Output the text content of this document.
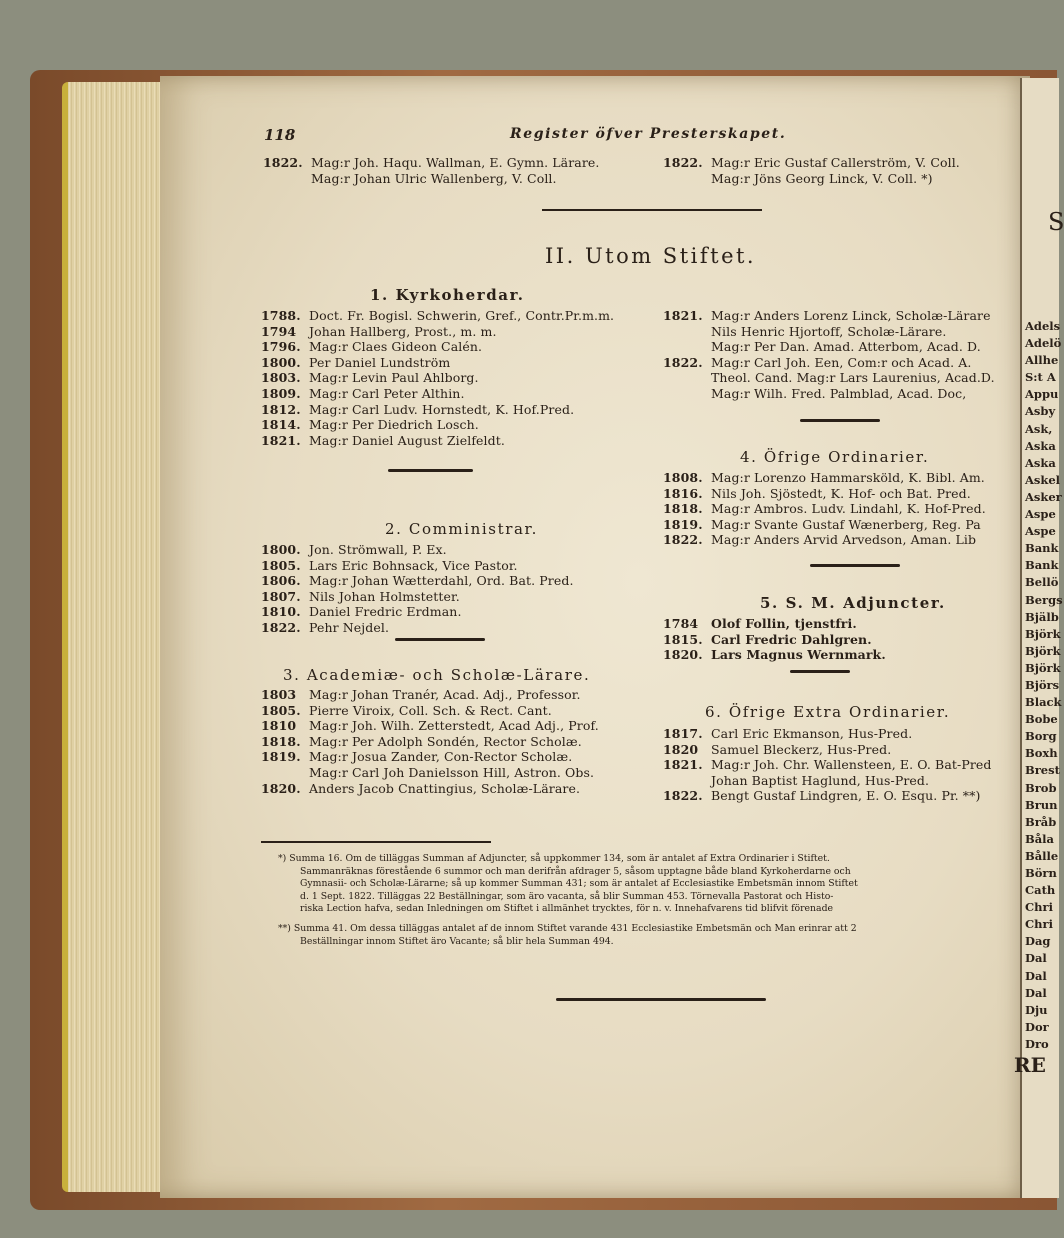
118	Register öfver Presterskapet.
1822. Mag:r Joh. Haqu. Wallman, E. Gymn. Lärare.
Mag:r Johan Ulric Wallenberg, V. Coll.
1822. Mag:r Eric Gustaf Callerström, V. Coll.
Mag:r Jöns Georg Linck, V. Coll. *)
II. Utom Stiftet.
1. Kyrkoherdar.
1788. Doct. Fr. Bogisl. Schwerin, Gref., Contr.Pr.m.m.
1794 Johan Hallberg, Prost., m. m.
1796. Mag:r Claes Gideon Calén.
1800. Per Daniel Lundström
1803. Mag:r Levin Paul Ahlborg.
1809. Mag:r Carl Peter Althin.
1812. Mag:r Carl Ludv. Hornstedt, K. Hof.Pred.
1814. Mag:r Per Diedrich Losch.
1821. Mag:r Daniel August Zielfeldt.
1821. Mag:r Anders Lorenz Linck, Scholæ-Lärare
Nils Henric Hjortoff, Scholæ-Lärare.
Mag:r Per Dan. Amad. Atterbom, Acad. D.
1822. Mag:r Carl Joh. Een, Com:r och Acad. A.
Theol. Cand. Mag:r Lars Laurenius, Acad.D.
Mag:r Wilh. Fred. Palmblad, Acad. Doc,
2. Comministrar.
1800. Jon. Strömwall, P. Ex.
1805. Lars Eric Bohnsack, Vice Pastor.
1806. Mag:r Johan Wætterdahl, Ord. Bat. Pred.
1807. Nils Johan Holmstetter.
1810. Daniel Fredric Erdman.
1822. Pehr Nejdel.
3. Academiæ- och Scholæ-Lärare.
1803 Mag:r Johan Tranér, Acad. Adj., Professor.
1805. Pierre Viroix, Coll. Sch. & Rect. Cant.
1810 Mag:r Joh. Wilh. Zetterstedt, Acad Adj., Prof.
1818. Mag:r Per Adolph Sondén, Rector Scholæ.
1819. Mag:r Josua Zander, Con-Rector Scholæ.
Mag:r Carl Joh Danielsson Hill, Astron. Obs.
1820. Anders Jacob Cnattingius, Scholæ-Lärare.
4. Öfrige Ordinarier.
1808. Mag:r Lorenzo Hammarsköld, K. Bibl. Am.
1816. Nils Joh. Sjöstedt, K. Hof- och Bat. Pred.
1818. Mag:r Ambros. Ludv. Lindahl, K. Hof-Pred.
1819. Mag:r Svante Gustaf Wænerberg, Reg. Pa
1822. Mag:r Anders Arvid Arvedson, Aman. Lib
5. S. M. Adjuncter.
1784 Olof Follin, tjenstfri.
1815. Carl Fredric Dahlgren.
1820. Lars Magnus Wernmark.
6. Öfrige Extra Ordinarier.
1817. Carl Eric Ekmanson, Hus-Pred.
1820 Samuel Bleckerz, Hus-Pred.
1821. Mag:r Joh. Chr. Wallensteen, E. O. Bat-Pred
Johan Baptist Haglund, Hus-Pred.
1822. Bengt Gustaf Lindgren, E. O. Esqu. Pr. **)
*) Summa 16. Om de tilläggas Summan af Adjuncter, så uppkommer 134, som är antalet af Extra Ordinarier i Stiftet.
Sammanräknas förestående 6 summor och man derifrån afdrager 5, såsom upptagne både bland Kyrkoherdarne och
Gymnasii- och Scholæ-Lärarne; så up kommer Summan 431; som är antalet af Ecclesiastike Embetsmän innom Stiftet
d. 1 Sept. 1822. Tilläggas 22 Beställningar, som äro vacanta, så blir Summan 453. Törnevalla Pastorat och Histo-
riska Lection hafva, sedan Inledningen om Stiftet i allmänhet trycktes, för n. v. Innehafvarens tid blifvit förenade
**) Summa 41. Om dessa tilläggas antalet af de innom Stiftet varande 431 Ecclesiastike Embetsmän och Man erinrar att 2
Beställningar innom Stiftet äro Vacante; så blir hela Summan 494.
S
Adels
Adelö
Allhe
S:t A
Appu
Asby
Ask,
Aska
Aska
Askel
Asker
Aspe
Aspe
Bank
Bank
Bellö
Bergs
Bjälb
Björk
Björk
Björk
Björs
Black
Bobe
Borg
Boxh
Brest
Brob
Brun
Bråb
Båla
Bålle
Börn
Cath
Chri
Chri
Dag
Dal
Dal
Dal
Dju
Dor
Dro
RE
